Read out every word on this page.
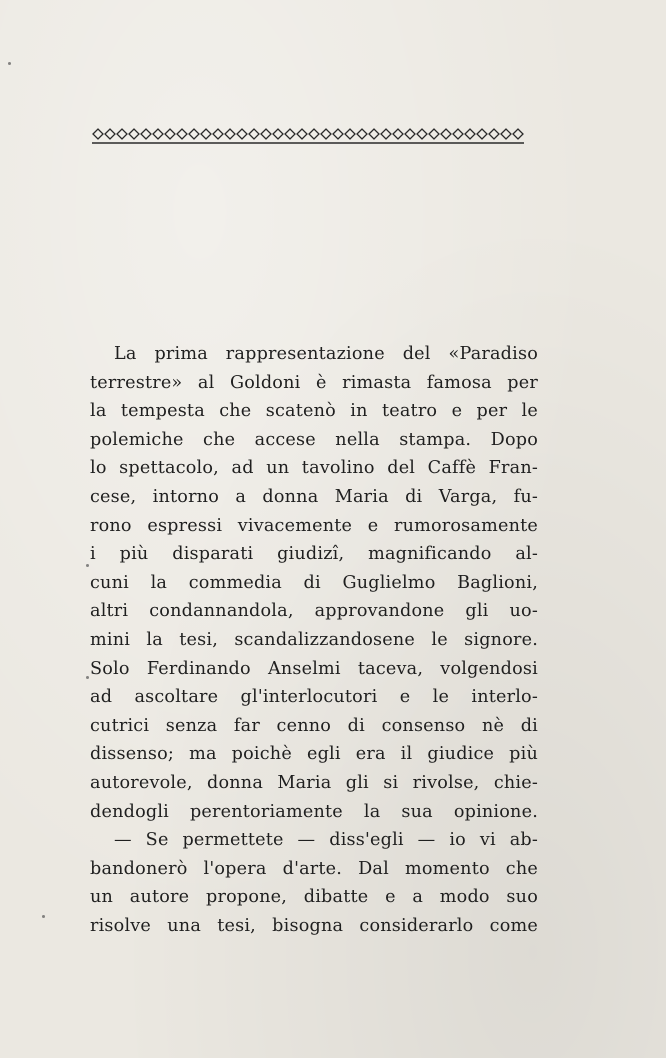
La prima rappresentazione del «Paradiso
terrestre» al Goldoni è rimasta famosa per
la tempesta che scatenò in teatro e per le
polemiche che accese nella stampa. Dopo
lo spettacolo, ad un tavolino del Caffè Fran-
cese, intorno a donna Maria di Varga, fu-
rono espressi vivacemente e rumorosamente
i più disparati giudizî, magnificando al-
cuni la commedia di Guglielmo Baglioni,
altri condannandola, approvandone gli uo-
mini la tesi, scandalizzandosene le signore.
Solo Ferdinando Anselmi taceva, volgendosi
ad ascoltare gl'interlocutori e le interlo-
cutrici senza far cenno di consenso nè di
dissenso; ma poichè egli era il giudice più
autorevole, donna Maria gli si rivolse, chie-
dendogli perentoriamente la sua opinione.
— Se permettete — diss'egli — io vi ab-
bandonerò l'opera d'arte. Dal momento che
un autore propone, dibatte e a modo suo
risolve una tesi, bisogna considerarlo come
